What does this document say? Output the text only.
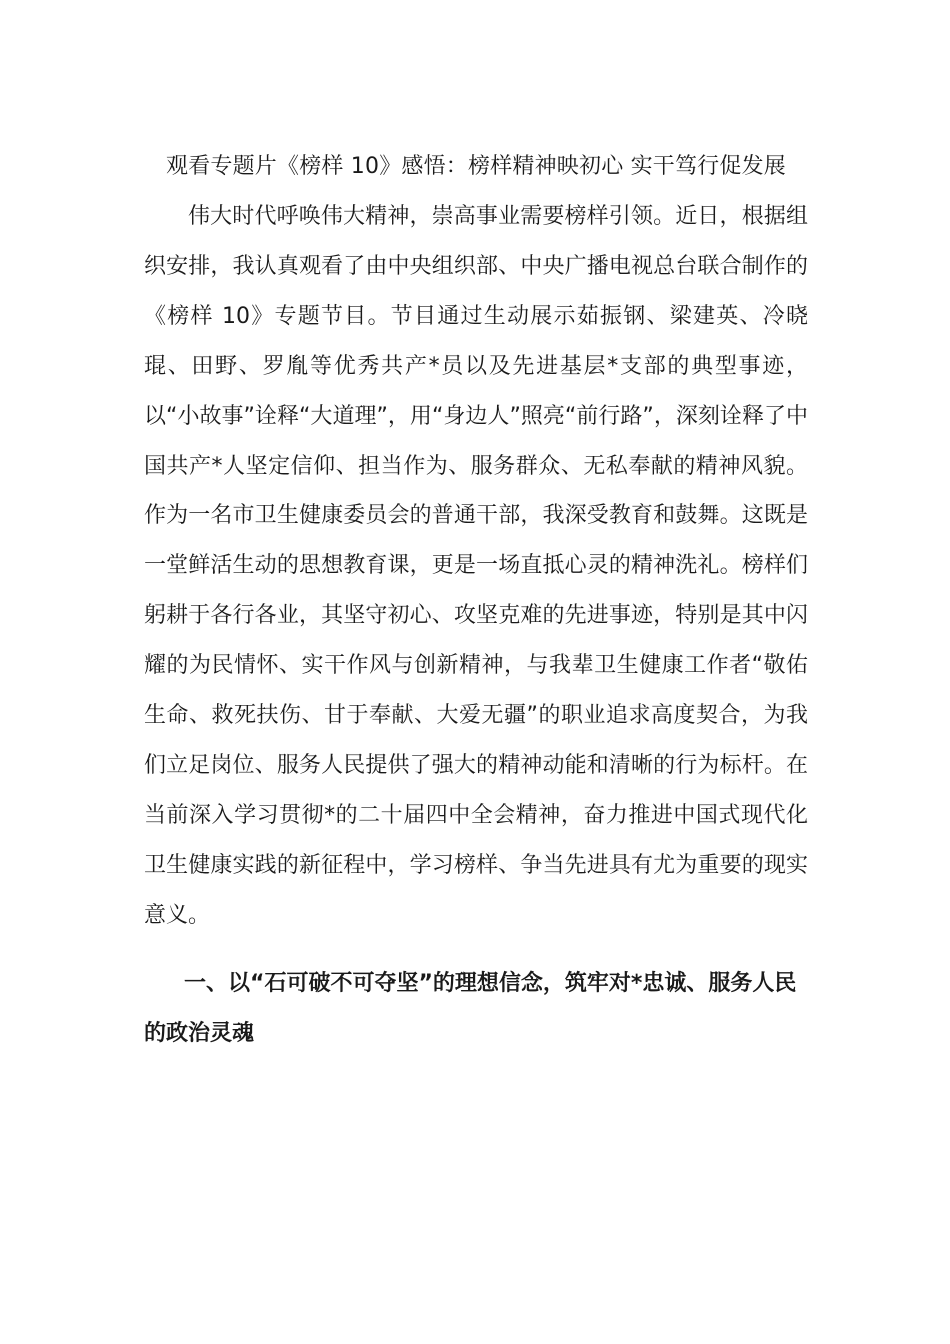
观看专题片《榜样 10》感悟：榜样精神映初心 实干笃行促发展

伟大时代呼唤伟大精神，崇高事业需要榜样引领。近日，根据组织安排，我认真观看了由中央组织部、中央广播电视总台联合制作的《榜样 10》专题节目。节目通过生动展示茹振钢、梁建英、冷晓琨、田野、罗胤等优秀共产*员以及先进基层*支部的典型事迹，以“小故事”诠释“大道理”，用“身边人”照亮“前行路”，深刻诠释了中国共产*人坚定信仰、担当作为、服务群众、无私奉献的精神风貌。作为一名市卫生健康委员会的普通干部，我深受教育和鼓舞。这既是一堂鲜活生动的思想教育课，更是一场直抵心灵的精神洗礼。榜样们躬耕于各行各业，其坚守初心、攻坚克难的先进事迹，特别是其中闪耀的为民情怀、实干作风与创新精神，与我辈卫生健康工作者“敬佑生命、救死扶伤、甘于奉献、大爱无疆”的职业追求高度契合，为我们立足岗位、服务人民提供了强大的精神动能和清晰的行为标杆。在当前深入学习贯彻*的二十届四中全会精神，奋力推进中国式现代化卫生健康实践的新征程中，学习榜样、争当先进具有尤为重要的现实意义。

一、以“石可破不可夺坚”的理想信念，筑牢对*忠诚、服务人民的政治灵魂
